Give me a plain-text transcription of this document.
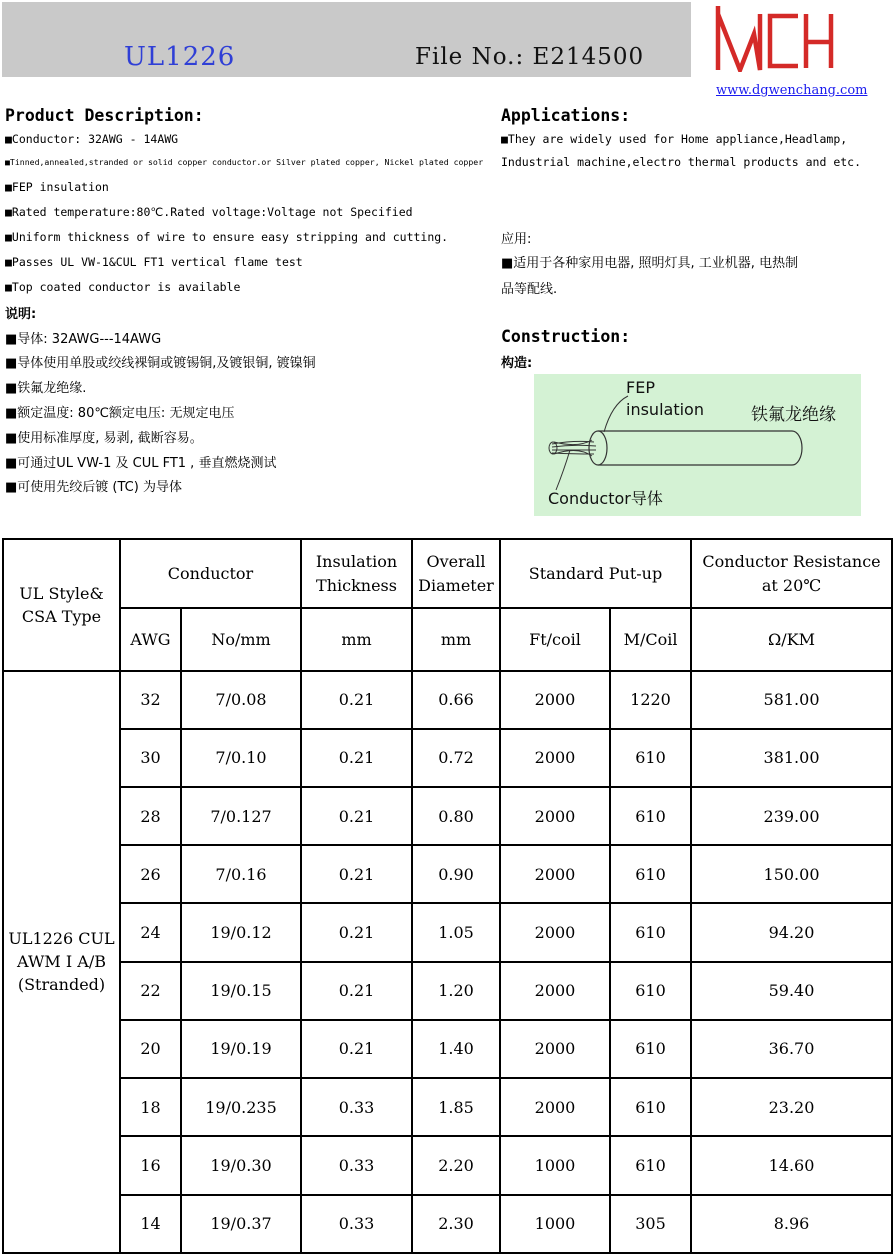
UL1226	File No.: E214500
www.dgwenchang.com
Product Description:
■Conductor: 32AWG - 14AWG
■Tinned,annealed,stranded or solid copper conductor.or Silver plated copper, Nickel plated copper
■FEP insulation
■Rated temperature:80℃.Rated voltage:Voltage not Specified
■Uniform thickness of wire to ensure easy stripping and cutting.
■Passes UL VW-1&CUL FT1 vertical flame test
■Top coated conductor is available
说明:
■导体: 32AWG---14AWG
■导体使用单股或绞线裸铜或镀锡铜,及镀银铜, 镀镍铜
■铁氟龙绝缘.
■额定温度: 80℃额定电压: 无规定电压
■使用标准厚度, 易剥, 截断容易。
■可通过UL VW-1 及 CUL FT1 , 垂直燃烧测试
■可使用先绞后镀 (TC) 为导体
Applications:
■They are widely used for Home appliance,Headlamp,
Industrial machine,electro thermal products and etc.
应用:
■适用于各种家用电器, 照明灯具, 工业机器, 电热制
品等配线.
Construction:
构造:
FEP
insulation	铁氟龙绝缘
Conductor导体
UL Style& CSA Type	Conductor		Insulation Thickness	Overall Diameter	Standard Put-up		Conductor Resistance at 20℃
	AWG	No/mm	mm	mm	Ft/coil	M/Coil	Ω/KM
UL1226 CUL AWM I A/B (Stranded)	32	7/0.08	0.21	0.66	2000	1220	581.00
	30	7/0.10	0.21	0.72	2000	610	381.00
	28	7/0.127	0.21	0.80	2000	610	239.00
	26	7/0.16	0.21	0.90	2000	610	150.00
	24	19/0.12	0.21	1.05	2000	610	94.20
	22	19/0.15	0.21	1.20	2000	610	59.40
	20	19/0.19	0.21	1.40	2000	610	36.70
	18	19/0.235	0.33	1.85	2000	610	23.20
	16	19/0.30	0.33	2.20	1000	610	14.60
	14	19/0.37	0.33	2.30	1000	305	8.96
